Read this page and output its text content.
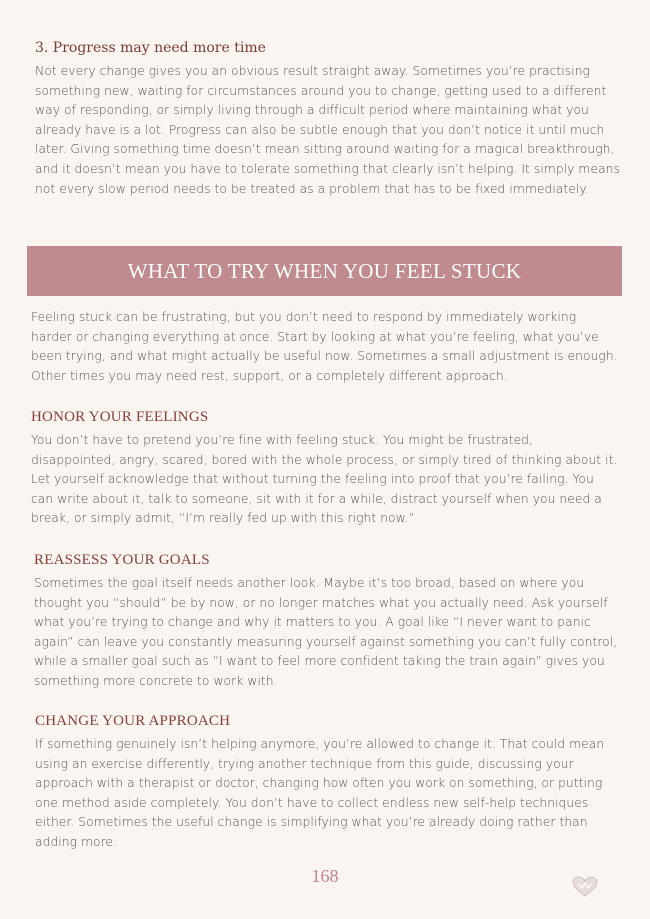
3. Progress may need more time

Not every change gives you an obvious result straight away. Sometimes you’re practising something new, waiting for circumstances around you to change, getting used to a different way of responding, or simply living through a difficult period where maintaining what you already have is a lot. Progress can also be subtle enough that you don’t notice it until much later. Giving something time doesn’t mean sitting around waiting for a magical breakthrough, and it doesn’t mean you have to tolerate something that clearly isn’t helping. It simply means not every slow period needs to be treated as a problem that has to be fixed immediately.

WHAT TO TRY WHEN YOU FEEL STUCK

Feeling stuck can be frustrating, but you don’t need to respond by immediately working harder or changing everything at once. Start by looking at what you’re feeling, what you’ve been trying, and what might actually be useful now. Sometimes a small adjustment is enough. Other times you may need rest, support, or a completely different approach.

HONOR YOUR FEELINGS

You don’t have to pretend you’re fine with feeling stuck. You might be frustrated, disappointed, angry, scared, bored with the whole process, or simply tired of thinking about it. Let yourself acknowledge that without turning the feeling into proof that you’re failing. You can write about it, talk to someone, sit with it for a while, distract yourself when you need a break, or simply admit, “I’m really fed up with this right now.”

REASSESS YOUR GOALS

Sometimes the goal itself needs another look. Maybe it’s too broad, based on where you thought you “should” be by now, or no longer matches what you actually need. Ask yourself what you’re trying to change and why it matters to you. A goal like “I never want to panic again” can leave you constantly measuring yourself against something you can’t fully control, while a smaller goal such as “I want to feel more confident taking the train again” gives you something more concrete to work with.

CHANGE YOUR APPROACH

If something genuinely isn’t helping anymore, you’re allowed to change it. That could mean using an exercise differently, trying another technique from this guide, discussing your approach with a therapist or doctor, changing how often you work on something, or putting one method aside completely. You don’t have to collect endless new self-help techniques either. Sometimes the useful change is simplifying what you’re already doing rather than adding more.

168
